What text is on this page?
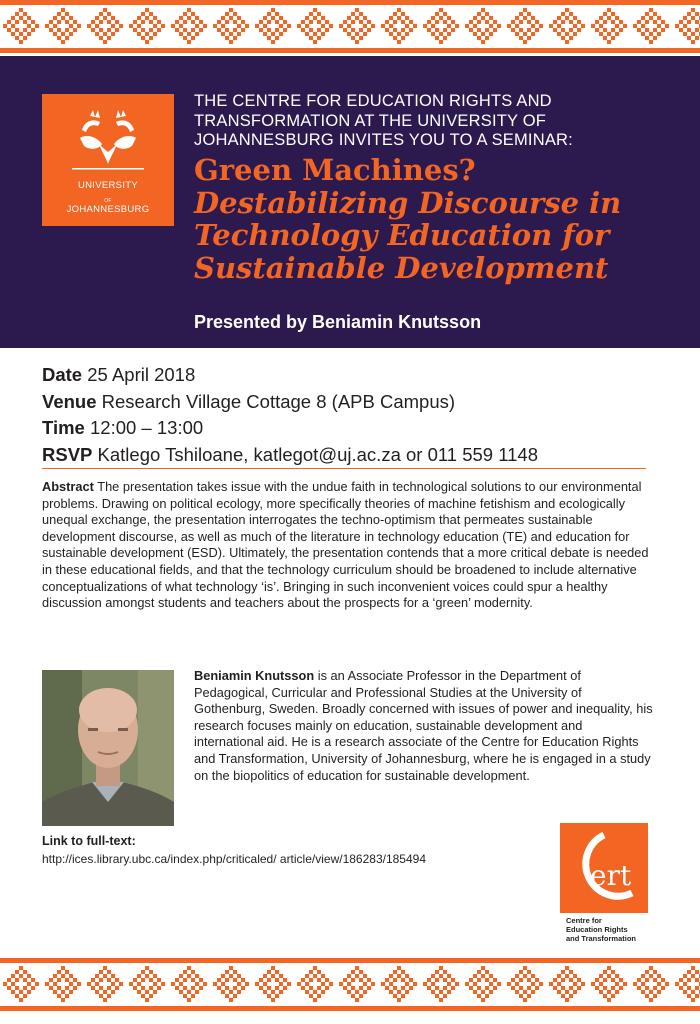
UNIVERSITY
OF
JOHANNESBURG
THE CENTRE FOR EDUCATION RIGHTS AND TRANSFORMATION AT THE UNIVERSITY OF JOHANNESBURG INVITES YOU TO A SEMINAR:
Green Machines?
Destabilizing Discourse in Technology Education for Sustainable Development
Presented by Beniamin Knutsson
Date 25 April 2018
Venue Research Village Cottage 8 (APB Campus)
Time 12:00 – 13:00
RSVP Katlego Tshiloane, katlegot@uj.ac.za or 011 559 1148
Abstract The presentation takes issue with the undue faith in technological solutions to our environmental problems. Drawing on political ecology, more specifically theories of machine fetishism and ecologically unequal exchange, the presentation interrogates the techno-optimism that permeates sustainable development discourse, as well as much of the literature in technology education (TE) and education for sustainable development (ESD). Ultimately, the presentation contends that a more critical debate is needed in these educational fields, and that the technology curriculum should be broadened to include alternative conceptualizations of what technology ‘is’. Bringing in such inconvenient voices could spur a healthy discussion amongst students and teachers about the prospects for a ‘green’ modernity.
Beniamin Knutsson is an Associate Professor in the Department of Pedagogical, Curricular and Professional Studies at the University of Gothenburg, Sweden. Broadly concerned with issues of power and inequality, his research focuses mainly on education, sustainable development and international aid. He is a research associate of the Centre for Education Rights and Transformation, University of Johannesburg, where he is engaged in a study on the biopolitics of education for sustainable development.
Link to full-text:
http://ices.library.ubc.ca/index.php/criticaled/ article/view/186283/185494	ert
Centre for
Education Rights
and Transformation
